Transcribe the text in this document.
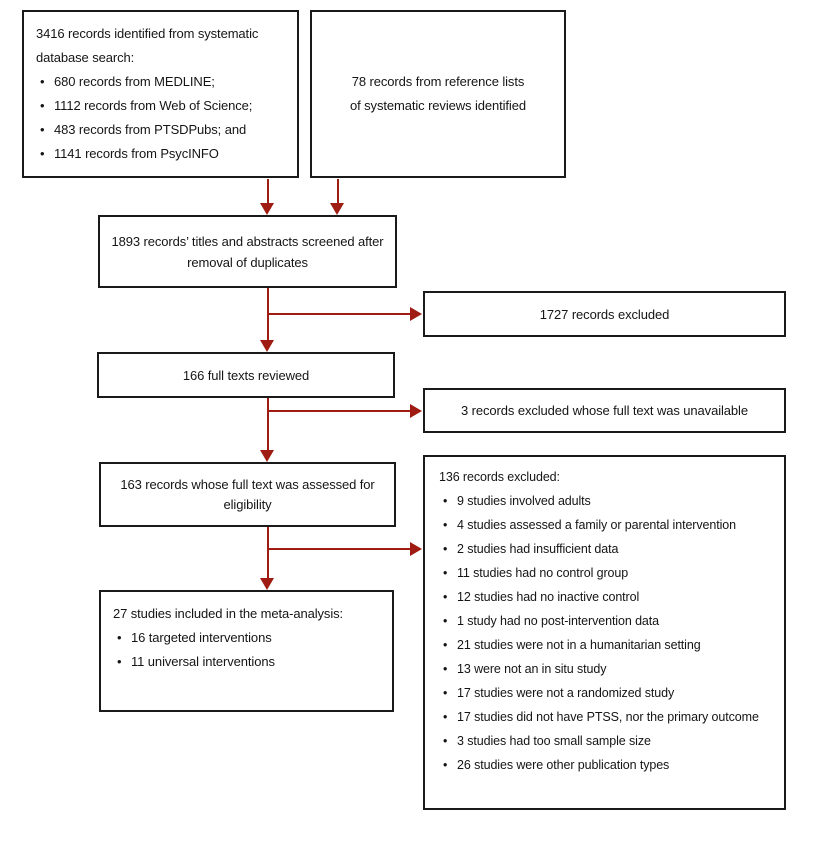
3416 records identified from systematic database search:
• 680 records from MEDLINE;
• 1112 records from Web of Science;
• 483 records from PTSDPubs; and
• 1141 records from PsycINFO
78 records from reference lists of systematic reviews identified
1893 records’ titles and abstracts screened after removal of duplicates
1727 records excluded
166 full texts reviewed
3 records excluded whose full text was unavailable
163 records whose full text was assessed for eligibility
136 records excluded:
• 9 studies involved adults
• 4 studies assessed a family or parental intervention
• 2 studies had insufficient data
• 11 studies had no control group
• 12 studies had no inactive control
• 1 study had no post-intervention data
• 21 studies were not in a humanitarian setting
• 13 were not an in situ study
• 17 studies were not a randomized study
• 17 studies did not have PTSS, nor the primary outcome
• 3 studies had too small sample size
• 26 studies were other publication types
27 studies included in the meta-analysis:
• 16 targeted interventions
• 11 universal interventions
